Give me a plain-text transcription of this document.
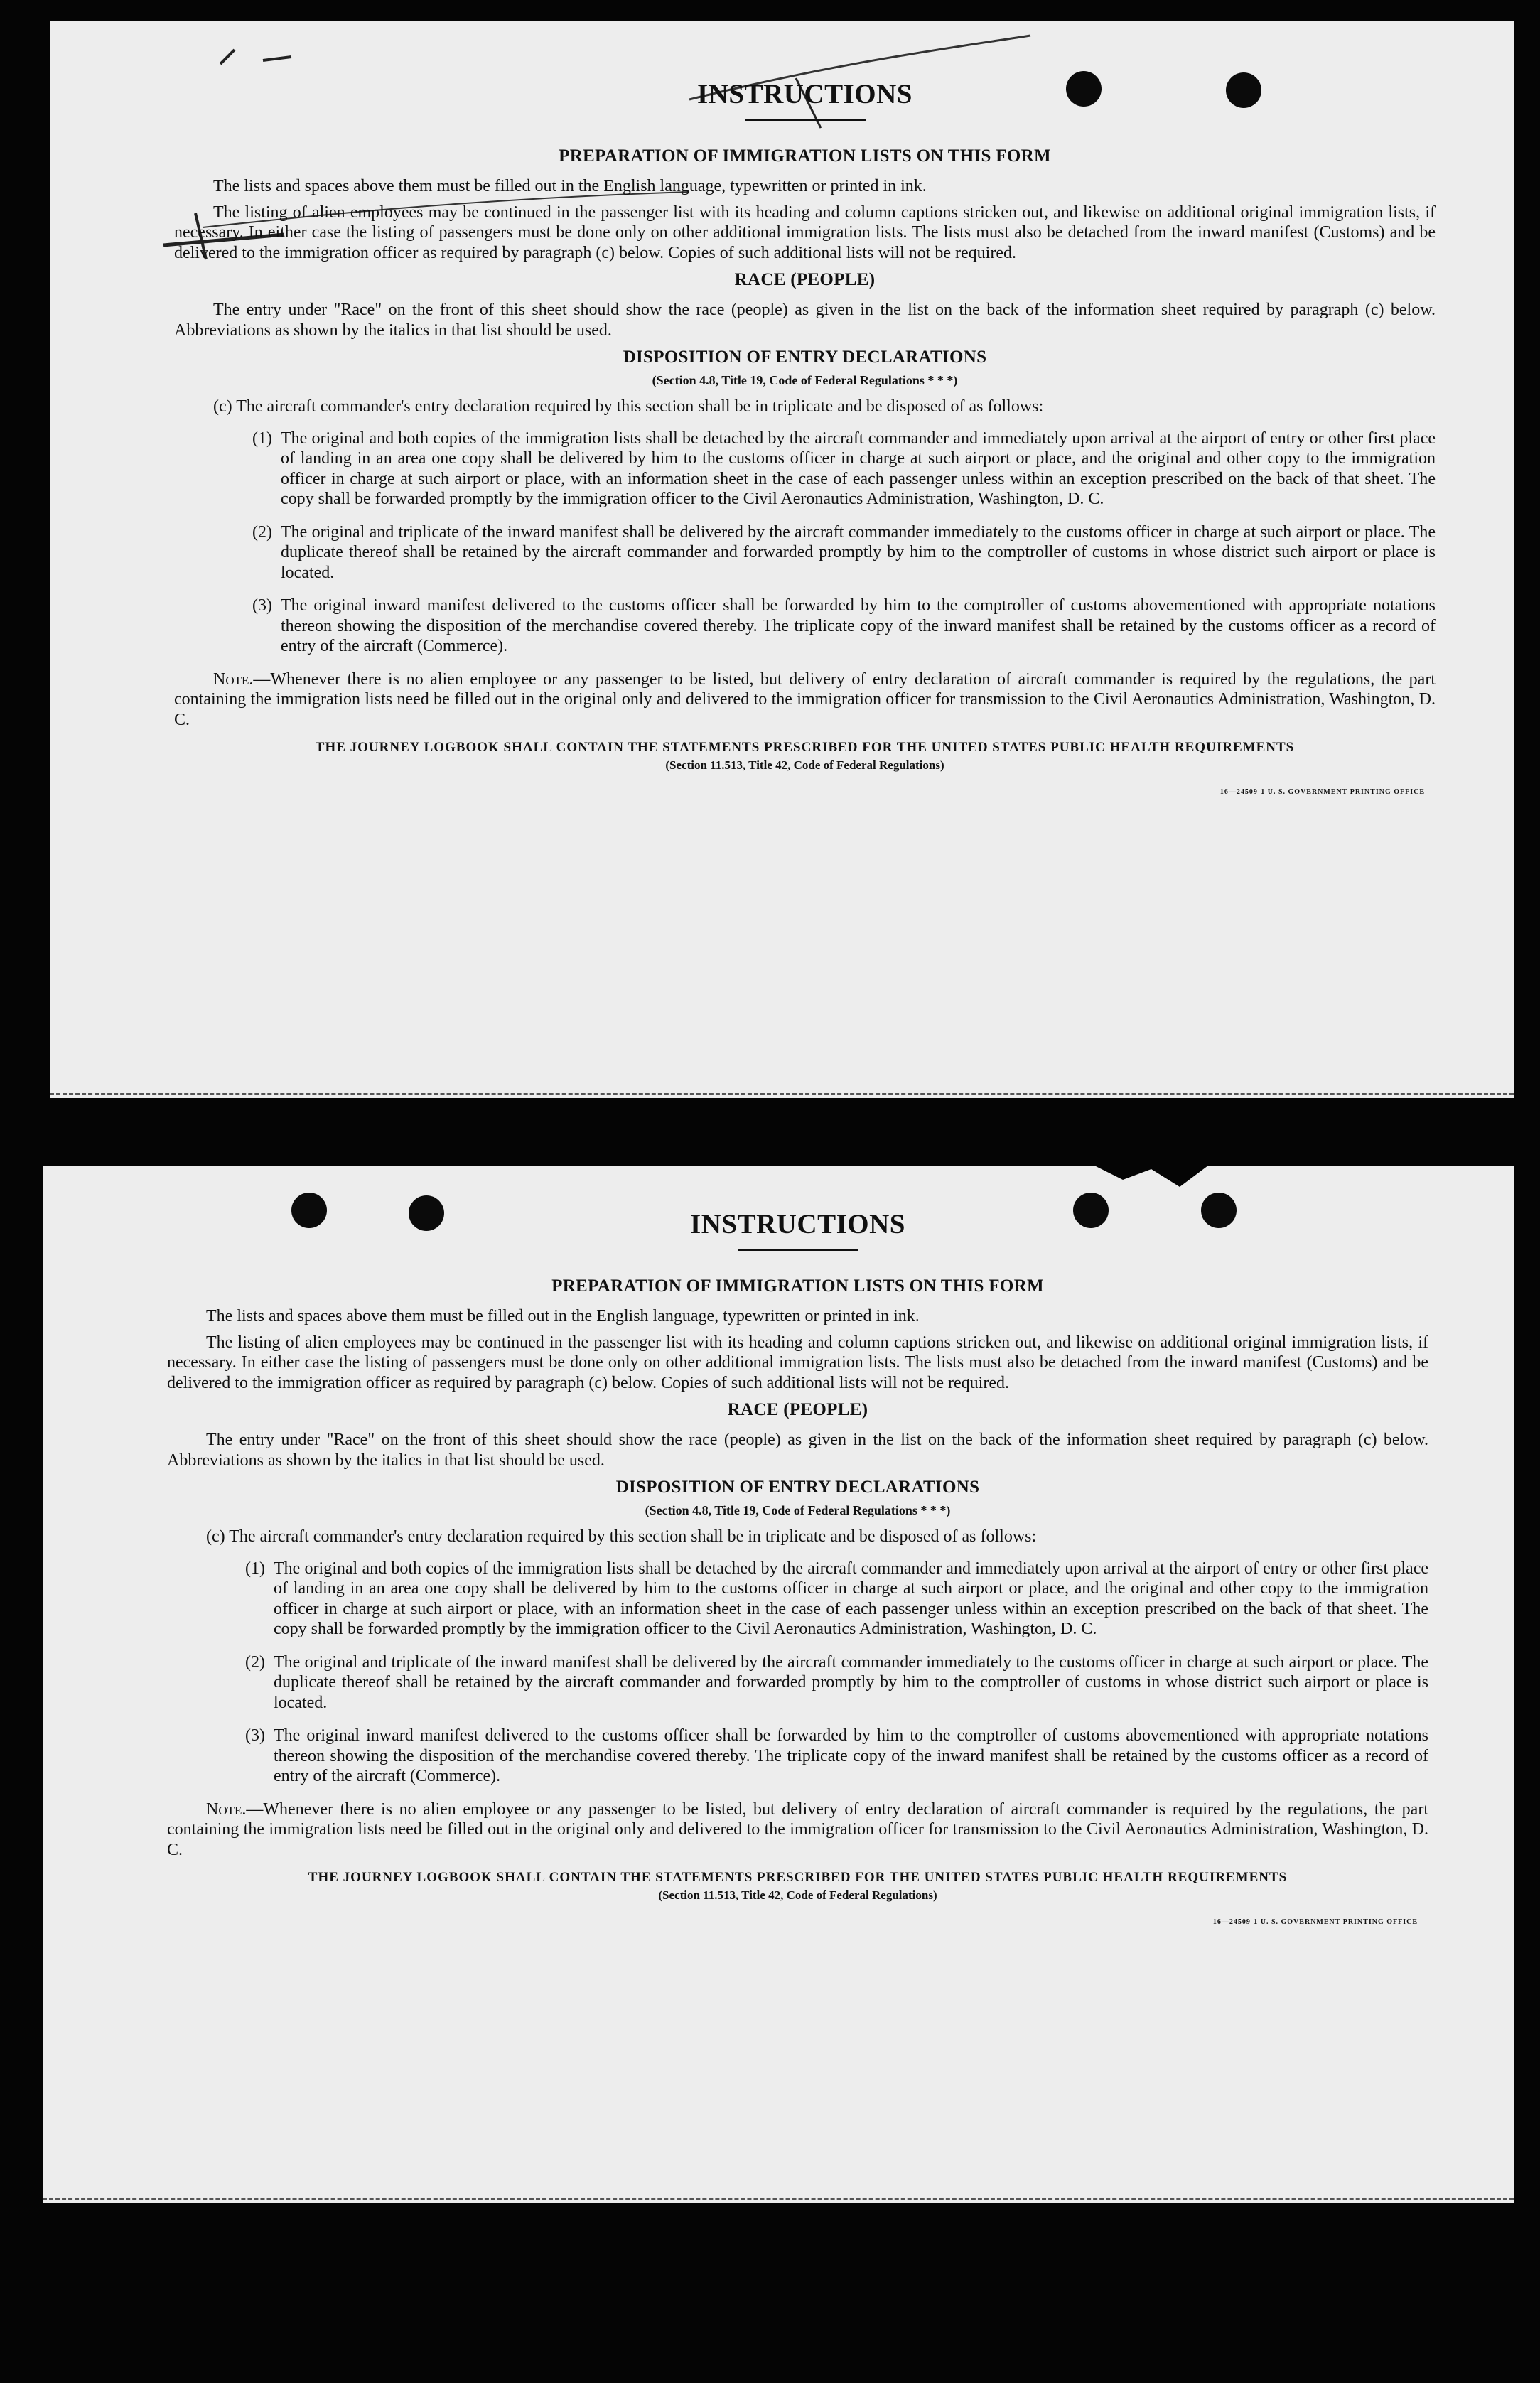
INSTRUCTIONS
PREPARATION OF IMMIGRATION LISTS ON THIS FORM

The lists and spaces above them must be filled out in the English language, typewritten or printed in ink.

The listing of alien employees may be continued in the passenger list with its heading and column captions stricken out, and likewise on additional original immigration lists, if necessary. In either case the listing of passengers must be done only on other additional immigration lists. The lists must also be detached from the inward manifest (Customs) and be delivered to the immigration officer as required by paragraph (c) below. Copies of such additional lists will not be required.

RACE (PEOPLE)

The entry under "Race" on the front of this sheet should show the race (people) as given in the list on the back of the information sheet required by paragraph (c) below. Abbreviations as shown by the italics in that list should be used.

DISPOSITION OF ENTRY DECLARATIONS
(Section 4.8, Title 19, Code of Federal Regulations * * *)

(c) The aircraft commander's entry declaration required by this section shall be in triplicate and be disposed of as follows:

(1) The original and both copies of the immigration lists shall be detached by the aircraft commander and immediately upon arrival at the airport of entry or other first place of landing in an area one copy shall be delivered by him to the customs officer in charge at such airport or place, and the original and other copy to the immigration officer in charge at such airport or place, with an information sheet in the case of each passenger unless within an exception prescribed on the back of that sheet. The copy shall be forwarded promptly by the immigration officer to the Civil Aeronautics Administration, Washington, D. C.
(2) The original and triplicate of the inward manifest shall be delivered by the aircraft commander immediately to the customs officer in charge at such airport or place. The duplicate thereof shall be retained by the aircraft commander and forwarded promptly by him to the comptroller of customs in whose district such airport or place is located.
(3) The original inward manifest delivered to the customs officer shall be forwarded by him to the comptroller of customs abovementioned with appropriate notations thereon showing the disposition of the merchandise covered thereby. The triplicate copy of the inward manifest shall be retained by the customs officer as a record of entry of the aircraft (Commerce).

Note.—Whenever there is no alien employee or any passenger to be listed, but delivery of entry declaration of aircraft commander is required by the regulations, the part containing the immigration lists need be filled out in the original only and delivered to the immigration officer for transmission to the Civil Aeronautics Administration, Washington, D. C.

THE JOURNEY LOGBOOK SHALL CONTAIN THE STATEMENTS PRESCRIBED FOR THE UNITED STATES PUBLIC HEALTH REQUIREMENTS
(Section 11.513, Title 42, Code of Federal Regulations)
16—24509-1 U. S. GOVERNMENT PRINTING OFFICE
INSTRUCTIONS
PREPARATION OF IMMIGRATION LISTS ON THIS FORM

The lists and spaces above them must be filled out in the English language, typewritten or printed in ink.

The listing of alien employees may be continued in the passenger list with its heading and column captions stricken out, and likewise on additional original immigration lists, if necessary. In either case the listing of passengers must be done only on other additional immigration lists. The lists must also be detached from the inward manifest (Customs) and be delivered to the immigration officer as required by paragraph (c) below. Copies of such additional lists will not be required.

RACE (PEOPLE)

The entry under "Race" on the front of this sheet should show the race (people) as given in the list on the back of the information sheet required by paragraph (c) below. Abbreviations as shown by the italics in that list should be used.

DISPOSITION OF ENTRY DECLARATIONS
(Section 4.8, Title 19, Code of Federal Regulations * * *)

(c) The aircraft commander's entry declaration required by this section shall be in triplicate and be disposed of as follows:

(1) The original and both copies of the immigration lists shall be detached by the aircraft commander and immediately upon arrival at the airport of entry or other first place of landing in an area one copy shall be delivered by him to the customs officer in charge at such airport or place, and the original and other copy to the immigration officer in charge at such airport or place, with an information sheet in the case of each passenger unless within an exception prescribed on the back of that sheet. The copy shall be forwarded promptly by the immigration officer to the Civil Aeronautics Administration, Washington, D. C.
(2) The original and triplicate of the inward manifest shall be delivered by the aircraft commander immediately to the customs officer in charge at such airport or place. The duplicate thereof shall be retained by the aircraft commander and forwarded promptly by him to the comptroller of customs in whose district such airport or place is located.
(3) The original inward manifest delivered to the customs officer shall be forwarded by him to the comptroller of customs abovementioned with appropriate notations thereon showing the disposition of the merchandise covered thereby. The triplicate copy of the inward manifest shall be retained by the customs officer as a record of entry of the aircraft (Commerce).

Note.—Whenever there is no alien employee or any passenger to be listed, but delivery of entry declaration of aircraft commander is required by the regulations, the part containing the immigration lists need be filled out in the original only and delivered to the immigration officer for transmission to the Civil Aeronautics Administration, Washington, D. C.

THE JOURNEY LOGBOOK SHALL CONTAIN THE STATEMENTS PRESCRIBED FOR THE UNITED STATES PUBLIC HEALTH REQUIREMENTS
(Section 11.513, Title 42, Code of Federal Regulations)
16—24509-1 U. S. GOVERNMENT PRINTING OFFICE
